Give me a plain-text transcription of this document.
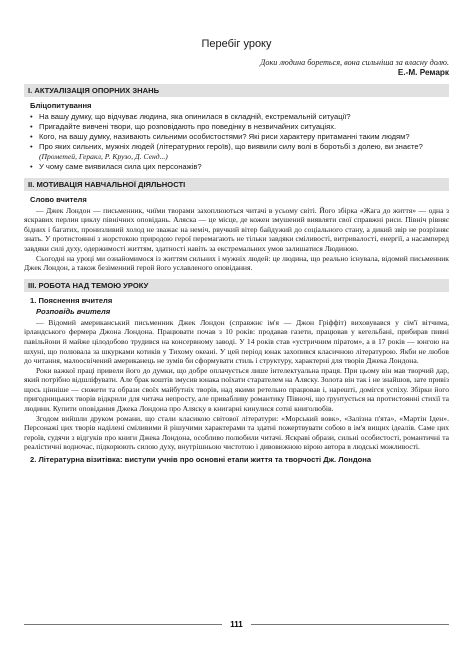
Перебіг уроку
Доки людина бореться, вона сильніша за власну долю.
Е.-М. Ремарк
І. АКТУАЛІЗАЦІЯ ОПОРНИХ ЗНАНЬ
Бліцопитування
• На вашу думку, що відчуває людина, яка опинилася в складній, екстремальній ситуації?
• Пригадайте вивчені твори, що розповідають про поведінку в незвичайних ситуаціях.
• Кого, на вашу думку, називають сильними особистостями? Які риси характеру притаманні таким людям?
• Про яких сильних, мужніх людей (літературних героїв), що виявили силу волі в боротьбі з долею, ви знаєте? (Прометей, Геракл, Р. Крузо, Д. Сенд...)
• У чому саме виявилася сила цих персонажів?
ІІ. МОТИВАЦІЯ НАВЧАЛЬНОЇ ДІЯЛЬНОСТІ
Слово вчителя

— Джек Лондон — письменник, чиїми творами захоплюються читачі в усьому світі. Його збірка «Жага до життя» — одна з яскравих перлин циклу північних оповідань. Аляска — це місце, де кожен змушений виявляти свої справжні риси. Північ рівняє бідних і багатих, пронизливий холод не зважає на неміч, рвучкий вітер байдужий до соціального стану, а дикий звір не розрізняє знать. У протистоянні з жорстокою природою герої перемагають не тільки завдяки сміливості, витривалості, енергії, а насамперед завдяки силі духу, одержимості життям, здатності навіть за екстремальних умов залишатися Людиною.

Сьогодні на уроці ми ознайомимося із життям сильних і мужніх людей: це людина, що реально існувала, відомий письменник Джек Лондон, а також безіменний герой його уславленого оповідання.

ІІІ. РОБОТА НАД ТЕМОЮ УРОКУ
1. Пояснення вчителя
Розповідь вчителя

— Відомий американський письменник Джек Лондон (справжнє ім'я — Джон Гріффіт) виховувався у сім'ї вітчима, ірландського фермера Джона Лондона. Працювати почав з 10 років: продавав газети, працював у кегельбані, прибирав пивні павільйони й майже цілодобово трудився на консервному заводі. У 14 років став «устричним піратом», а в 17 років — юнгою на шхуні, що полювала за шкурками котиків у Тихому океані. У цей період юнак захопився класичною літературою. Якби не любов до читання, малоосвічений американець не зумів би сформувати стиль і структуру, характерні для творів Джека Лондона.

Роки важкої праці привели його до думки, що добре оплачується лише інтелектуальна праця. При цьому він мав творчий дар, який потрібно відшліфувати. Але брак коштів змусив юнака поїхати старателем на Аляску. Золота він так і не знайшов, зате привіз щось цінніше — сюжети та образи своїх майбутніх творів, над якими ретельно працював і, нарешті, домігся успіху. Збірки його пригодницьких творів відкрили для читача непросту, але привабливу романтику Півночі, що ґрунтується на протистоянні стихії та людини. Купити оповідання Джека Лондона про Аляску в книгарні кинулися сотні книголюбів.

Згодом вийшли друком романи, що стали класикою світової літератури: «Морський вовк», «Залізна п'ята», «Мартін Іден». Персонажі цих творів наділені сміливими й рішучими характерами та здатні пожертвувати собою в ім'я вищих ідеалів. Саме цих героїв, судячи з відгуків про книги Джека Лондона, особливо полюбили читачі. Яскраві образи, сильні особистості, романтичні та реалістичні водночас, підкорюють силою духу, внутрішньою чистотою і дивовижною вірою автора в людські можливості.

2. Літературна візитівка: виступи учнів про основні етапи життя та творчості Дж. Лондона
111
